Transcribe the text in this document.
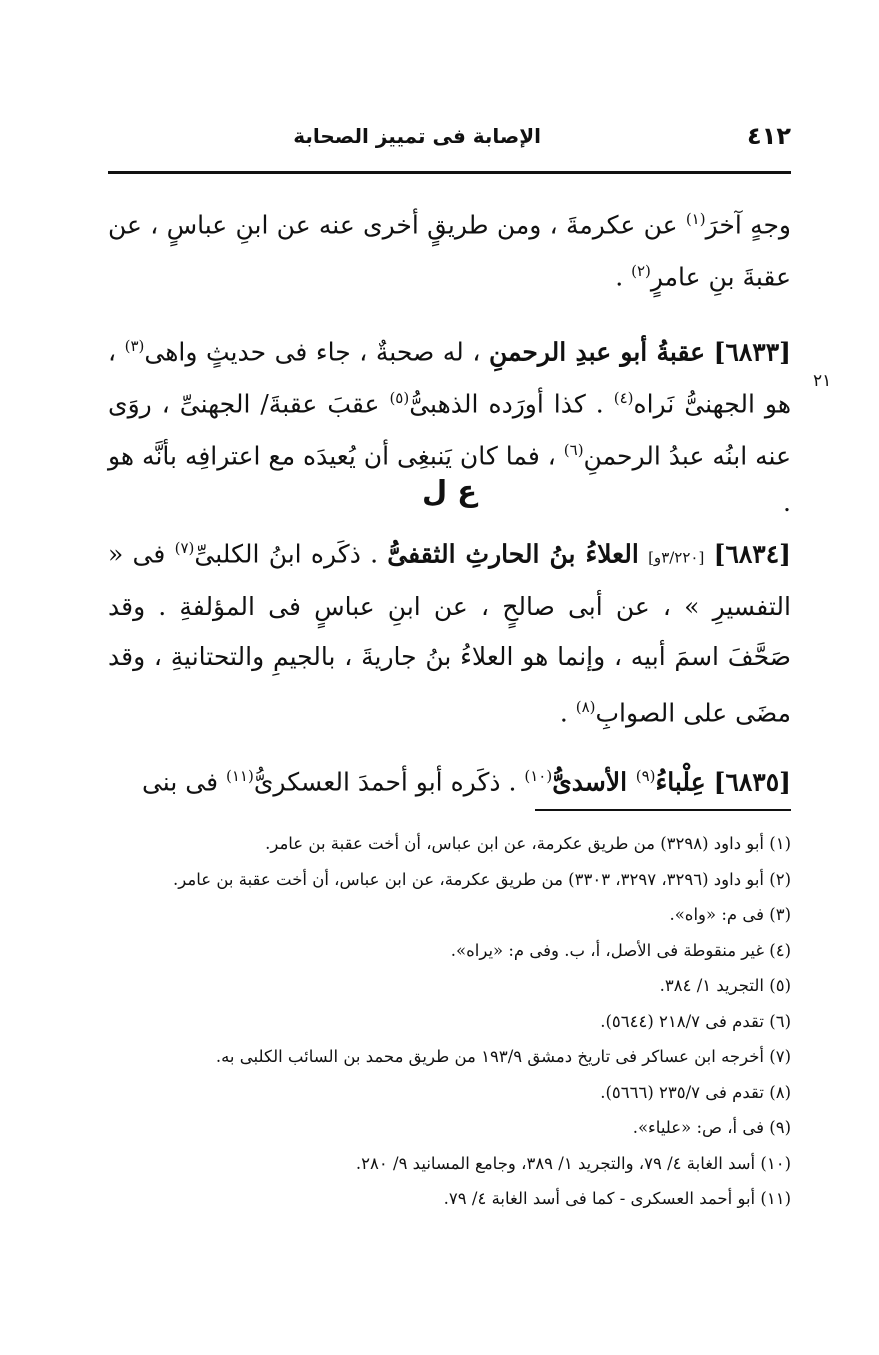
٤١٢
الإصابة فى تمييز الصحابة

وجهٍ آخرَ$^{(١)}$ عن عكرمةَ ، ومن طريقٍ أخرى عنه عن ابنِ عباسٍ ، عن عقبةَ بنِ عامرٍ$^{(٢)}$ .

[٦٨٣٣] عقبةُ أبو عبدِ الرحمنِ ، له صحبةٌ ، جاء فى حديثٍ واهى$^{(٣)}$ ، هو الجهنىُّ نَراه$^{(٤)}$ . كذا أورَده الذهبىُّ$^{(٥)}$ عقبَ عقبةَ/ الجهنىِّ ، روَى عنه ابنُه عبدُ الرحمنِ$^{(٦)}$ ، فما كان يَنبغِى أن يُعيدَه مع اعترافِه بأنَّه هو .

٢١
ع ل

[٦٨٣٤] [٣/٢٢٠و] العلاءُ بنُ الحارثِ الثقفىُّ . ذكَره ابنُ الكلبىِّ$^{(٧)}$ فى « التفسيرِ » ، عن أبى صالحٍ ، عن ابنِ عباسٍ فى المؤلفةِ . وقد صَحَّفَ اسمَ أبيه ، وإنما هو العلاءُ بنُ جاريةَ ، بالجيمِ والتحتانيةِ ، وقد مضَى على الصوابِ$^{(٨)}$ .

[٦٨٣٥] عِلْباءُ$^{(٩)}$ الأسدىُّ$^{(١٠)}$ . ذكَره أبو أحمدَ العسكرىُّ$^{(١١)}$ فى بنى

(١) أبو داود (٣٢٩٨) من طريق عكرمة، عن ابن عباس، أن أخت عقبة بن عامر.

(٢) أبو داود (٣٢٩٦، ٣٢٩٧، ٣٣٠٣) من طريق عكرمة، عن ابن عباس، أن أخت عقبة بن عامر.

(٣) فى م: «واه».

(٤) غير منقوطة فى الأصل، أ، ب. وفى م: «يراه».

(٥) التجريد ١/ ٣٨٤.

(٦) تقدم فى ٢١٨/٧ (٥٦٤٤).

(٧) أخرجه ابن عساكر فى تاريخ دمشق ١٩٣/٩ من طريق محمد بن السائب الكلبى به.

(٨) تقدم فى ٢٣٥/٧ (٥٦٦٦).

(٩) فى أ، ص: «علياء».

(١٠) أسد الغابة ٤/ ٧٩، والتجريد ١/ ٣٨٩، وجامع المسانيد ٩/ ٢٨٠.

(١١) أبو أحمد العسكرى - كما فى أسد الغابة ٤/ ٧٩.
